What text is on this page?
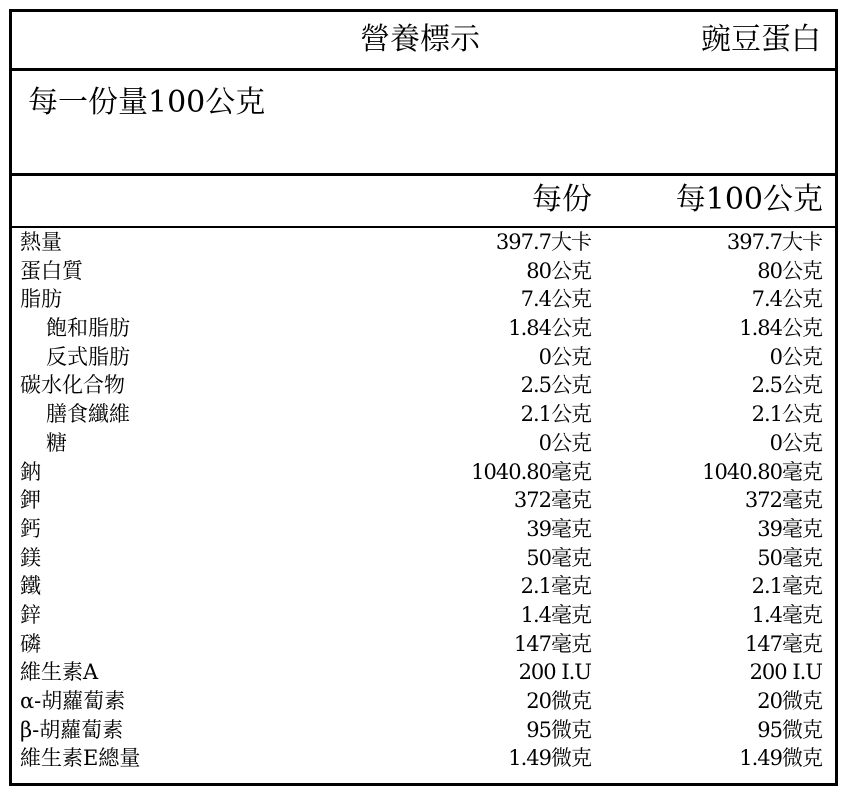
營養標示	豌豆蛋白
每一份量100公克
每份	每100公克
熱量	397.7大卡	397.7大卡
蛋白質	80公克	80公克
脂肪	7.4公克	7.4公克
飽和脂肪	1.84公克	1.84公克
反式脂肪	0公克	0公克
碳水化合物	2.5公克	2.5公克
膳食纖維	2.1公克	2.1公克
糖	0公克	0公克
鈉	1040.80毫克	1040.80毫克
鉀	372毫克	372毫克
鈣	39毫克	39毫克
鎂	50毫克	50毫克
鐵	2.1毫克	2.1毫克
鋅	1.4毫克	1.4毫克
磷	147毫克	147毫克
維生素A	200 I.U	200 I.U
α-胡蘿蔔素	20微克	20微克
β-胡蘿蔔素	95微克	95微克
維生素E總量	1.49微克	1.49微克
